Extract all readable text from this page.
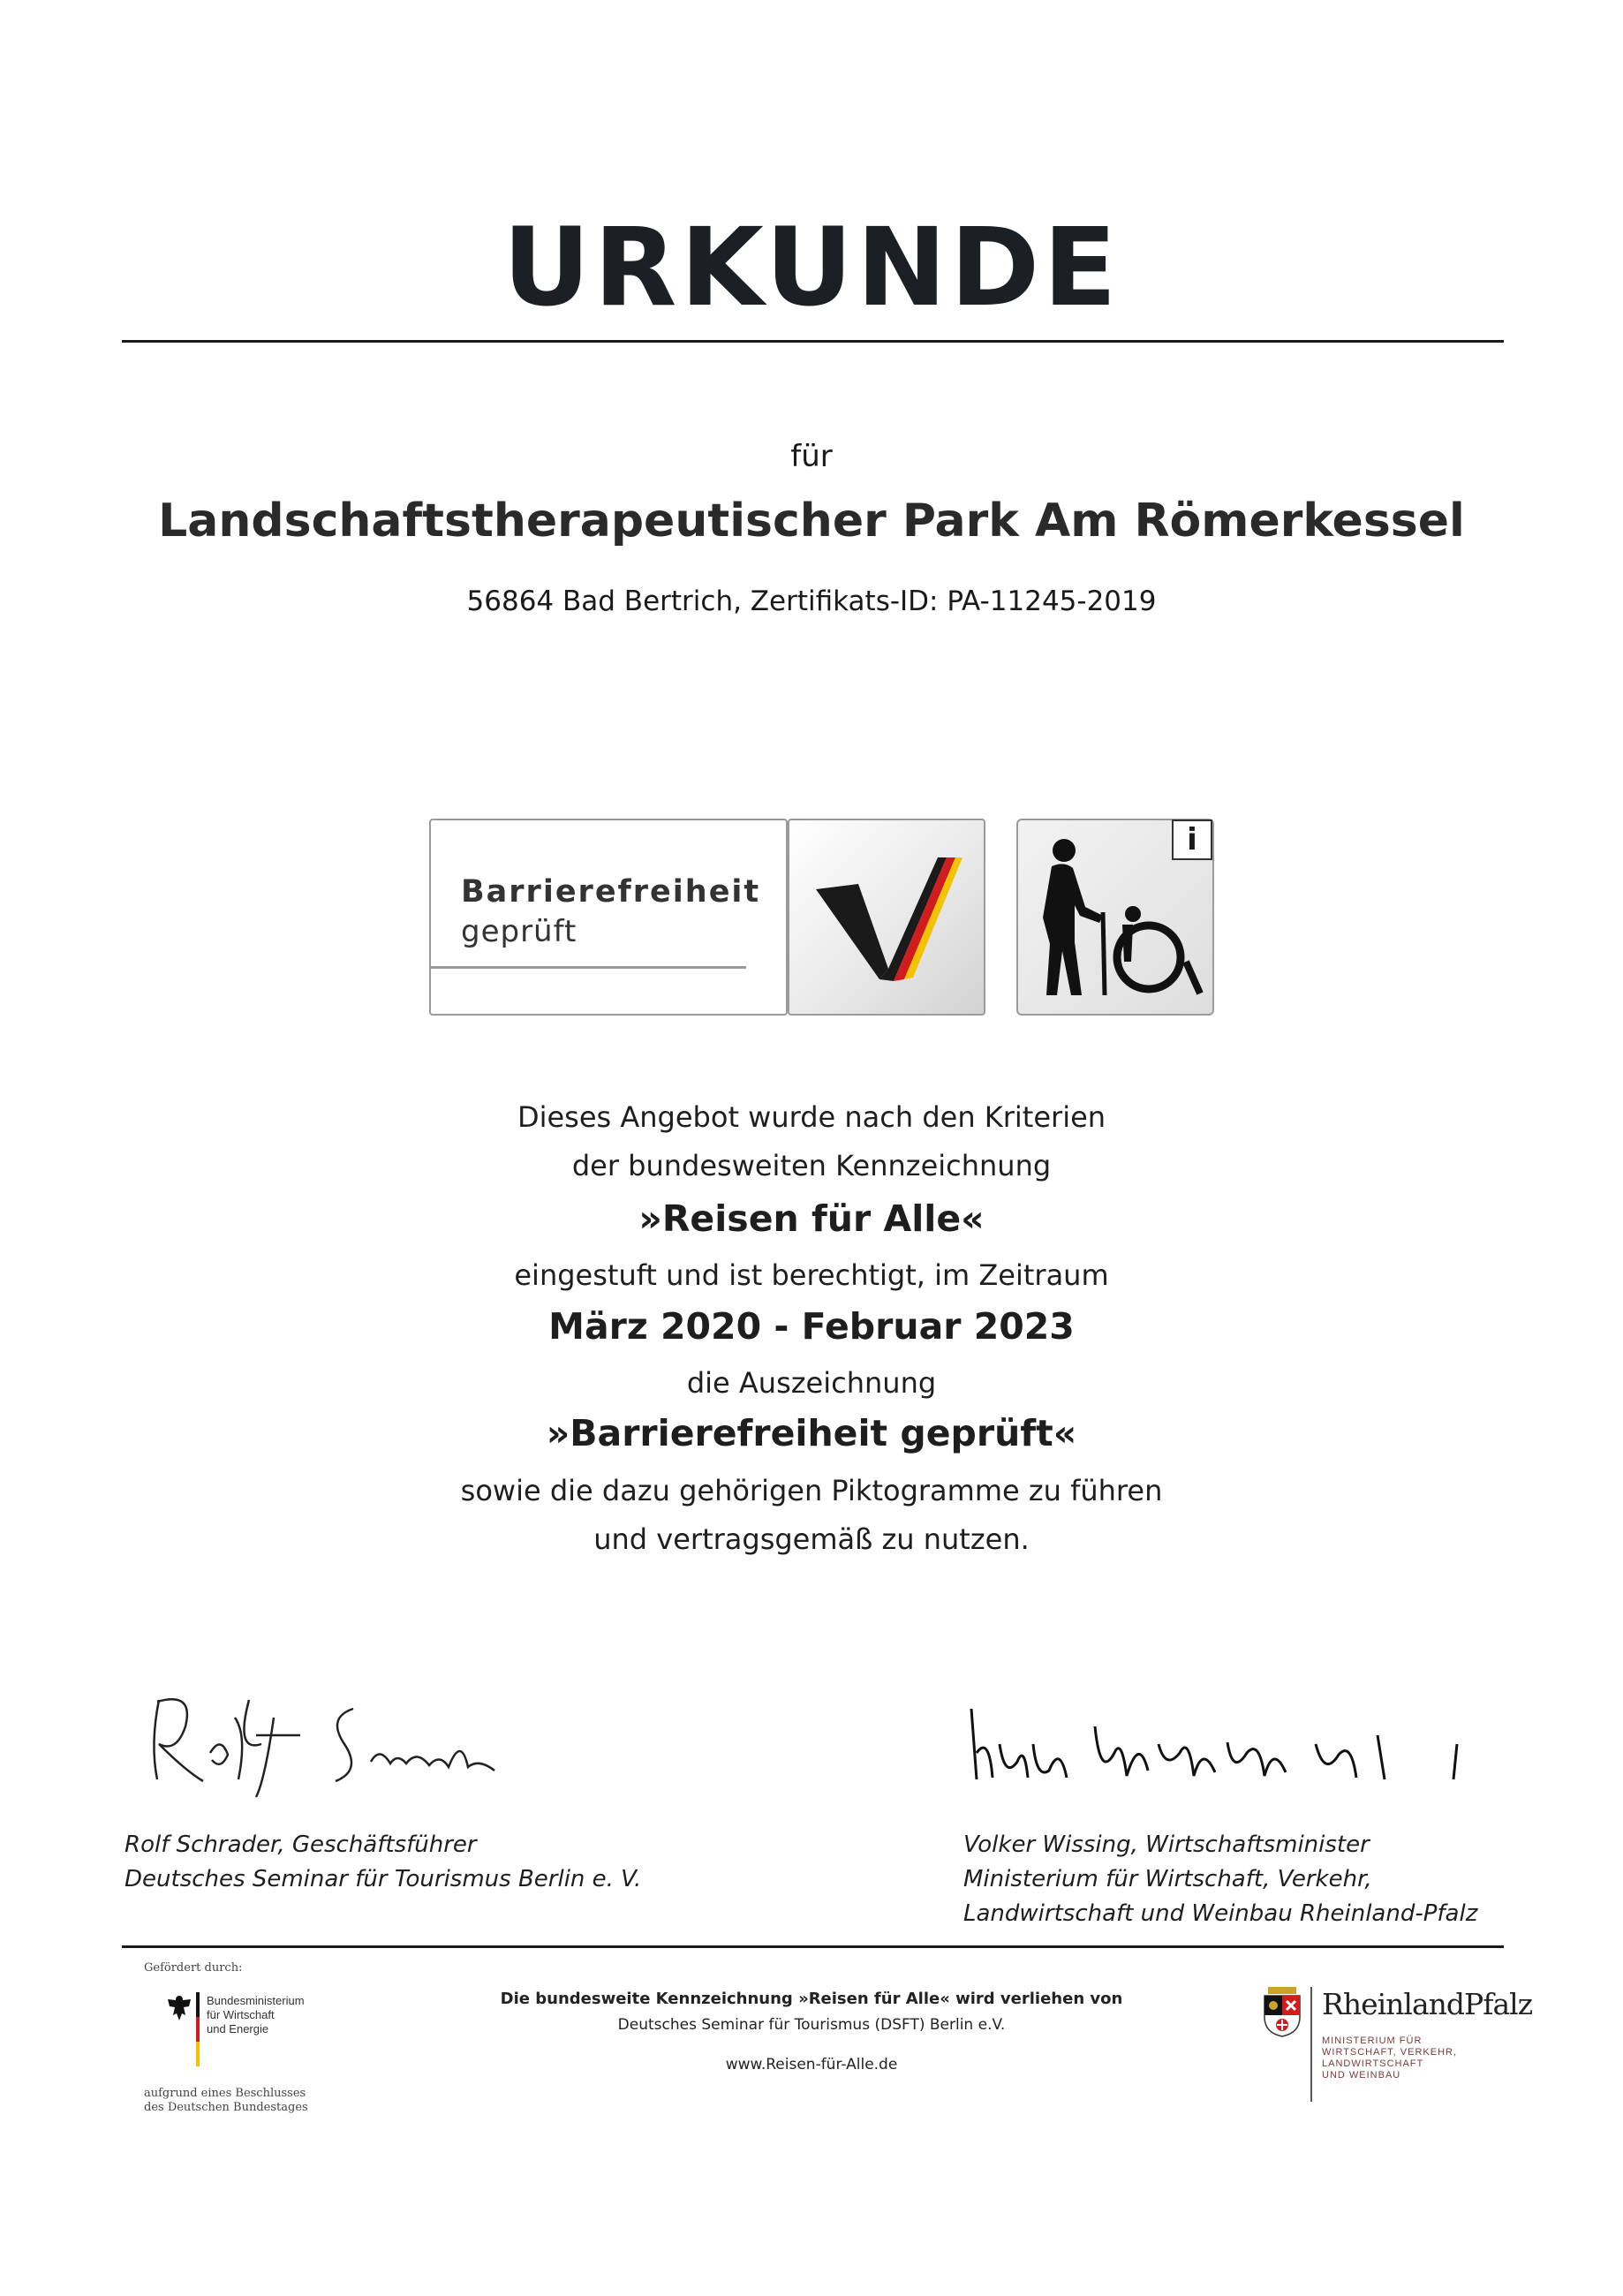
URKUNDE
für
Landschaftstherapeutischer Park Am Römerkessel
56864 Bad Bertrich, Zertifikats-ID: PA-11245-2019
Barrierefreiheit
geprüft
i
Dieses Angebot wurde nach den Kriterien
der bundesweiten Kennzeichnung
»Reisen für Alle«
eingestuft und ist berechtigt, im Zeitraum
März 2020 - Februar 2023
die Auszeichnung
»Barrierefreiheit geprüft«
sowie die dazu gehörigen Piktogramme zu führen
und vertragsgemäß zu nutzen.
Rolf Schrader, Geschäftsführer
Deutsches Seminar für Tourismus Berlin e. V.
Volker Wissing, Wirtschaftsminister
Ministerium für Wirtschaft, Verkehr,
Landwirtschaft und Weinbau Rheinland-Pfalz
Gefördert durch:
Bundesministerium
für Wirtschaft
und Energie
aufgrund eines Beschlusses
des Deutschen Bundestages
Die bundesweite Kennzeichnung »Reisen für Alle« wird verliehen von
Deutsches Seminar für Tourismus (DSFT) Berlin e.V.
www.Reisen-für-Alle.de
RheinlandPfalz
MINISTERIUM FÜR
WIRTSCHAFT, VERKEHR,
LANDWIRTSCHAFT
UND WEINBAU
